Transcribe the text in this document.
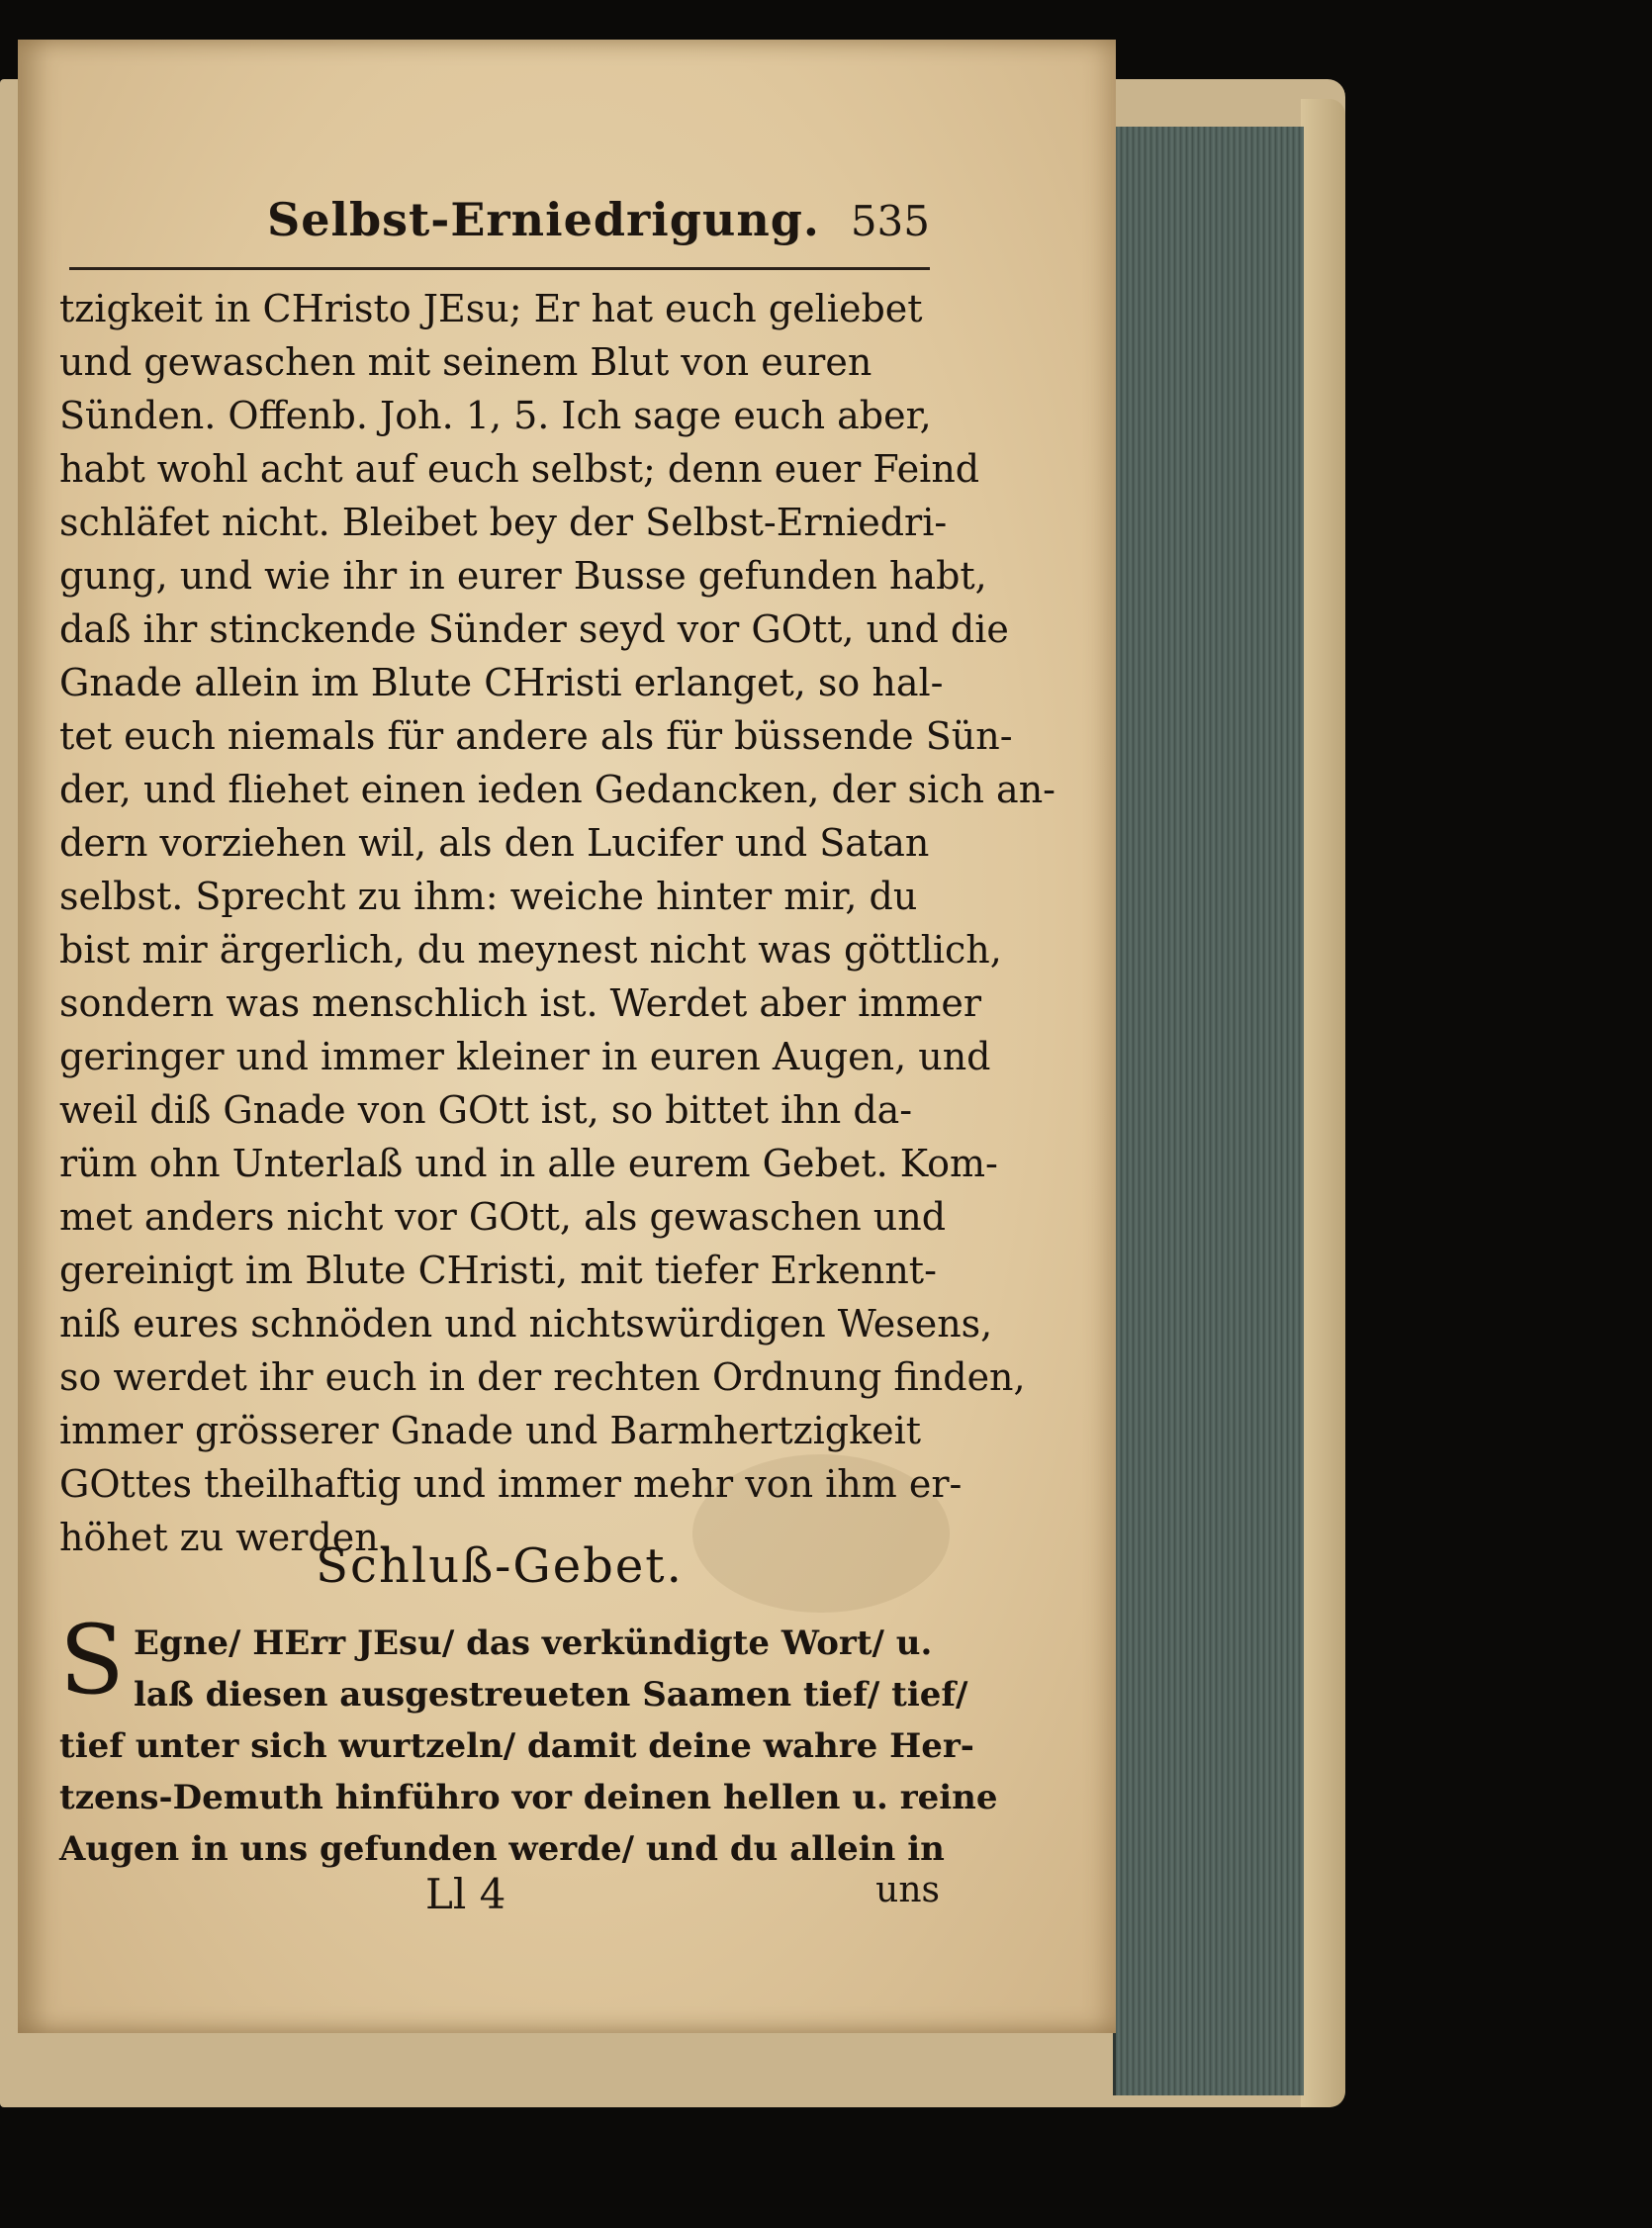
Selbst-Erniedrigung. 535
tzigkeit in CHristo JEsu; Er hat euch geliebet
und gewaschen mit seinem Blut von euren
Sünden. Offenb. Joh. 1, 5. Ich sage euch aber,
habt wohl acht auf euch selbst; denn euer Feind
schläfet nicht. Bleibet bey der Selbst-Erniedri-
gung, und wie ihr in eurer Busse gefunden habt,
daß ihr stinckende Sünder seyd vor GOtt, und die
Gnade allein im Blute CHristi erlanget, so hal-
tet euch niemals für andere als für büssende Sün-
der, und fliehet einen ieden Gedancken, der sich an-
dern vorziehen wil, als den Lucifer und Satan
selbst. Sprecht zu ihm: weiche hinter mir, du
bist mir ärgerlich, du meynest nicht was göttlich,
sondern was menschlich ist. Werdet aber immer
geringer und immer kleiner in euren Augen, und
weil diß Gnade von GOtt ist, so bittet ihn da-
rüm ohn Unterlaß und in alle eurem Gebet. Kom-
met anders nicht vor GOtt, als gewaschen und
gereinigt im Blute CHristi, mit tiefer Erkennt-
niß eures schnöden und nichtswürdigen Wesens,
so werdet ihr euch in der rechten Ordnung finden,
immer grösserer Gnade und Barmhertzigkeit
GOttes theilhaftig und immer mehr von ihm er-
höhet zu werden.
Schluß-Gebet.
S Egne/ HErr JEsu/ das verkündigte Wort/ u.
laß diesen ausgestreueten Saamen tief/ tief/
tief unter sich wurtzeln/ damit deine wahre Her-
tzens-Demuth hinführo vor deinen hellen u. reine
Augen in uns gefunden werde/ und du allein in
Ll 4	uns
